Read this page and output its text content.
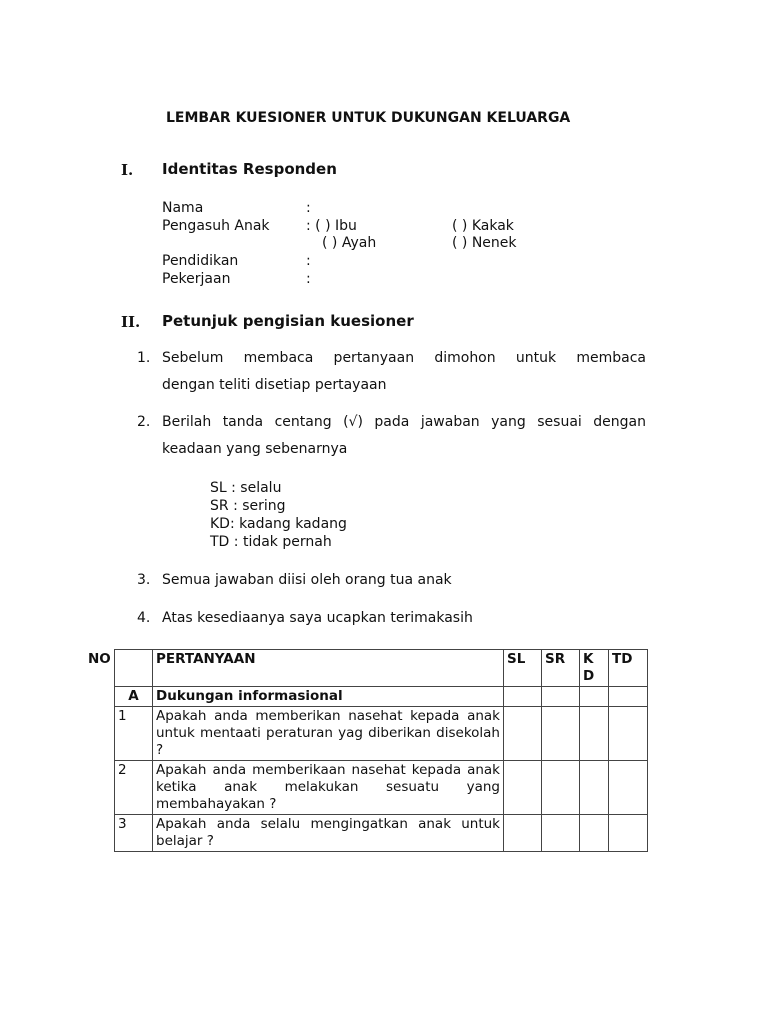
LEMBAR KUESIONER UNTUK DUKUNGAN KELUARGA
I. Identitas Responden
Nama	:
Pengasuh Anak	: ( ) Ibu
( ) Ayah
( ) Kakak
( ) Nenek
Pendidikan	:
Pekerjaan	:
II. Petunjuk pengisian kuesioner
1. Sebelum membaca pertanyaan dimohon untuk membaca
dengan teliti disetiap pertayaan
2. Berilah tanda centang (√) pada jawaban yang sesuai dengan
keadaan yang sebenarnya
SL : selalu
SR : sering
KD: kadang kadang
TD : tidak pernah
3. Semua jawaban diisi oleh orang tua anak
4. Atas kesediaanya saya ucapkan terimakasih
NO
		PERTANYAAN	SL	SR	K D	TD
A	Dukungan informasional				
1	Apakah anda memberikan nasehat kepada anak untuk mentaati peraturan yag diberikan disekolah ?				
2	Apakah anda memberikaan nasehat kepada anak ketika anak melakukan sesuatu yang membahayakan ?				
3	Apakah anda selalu mengingatkan anak untuk belajar ?				
